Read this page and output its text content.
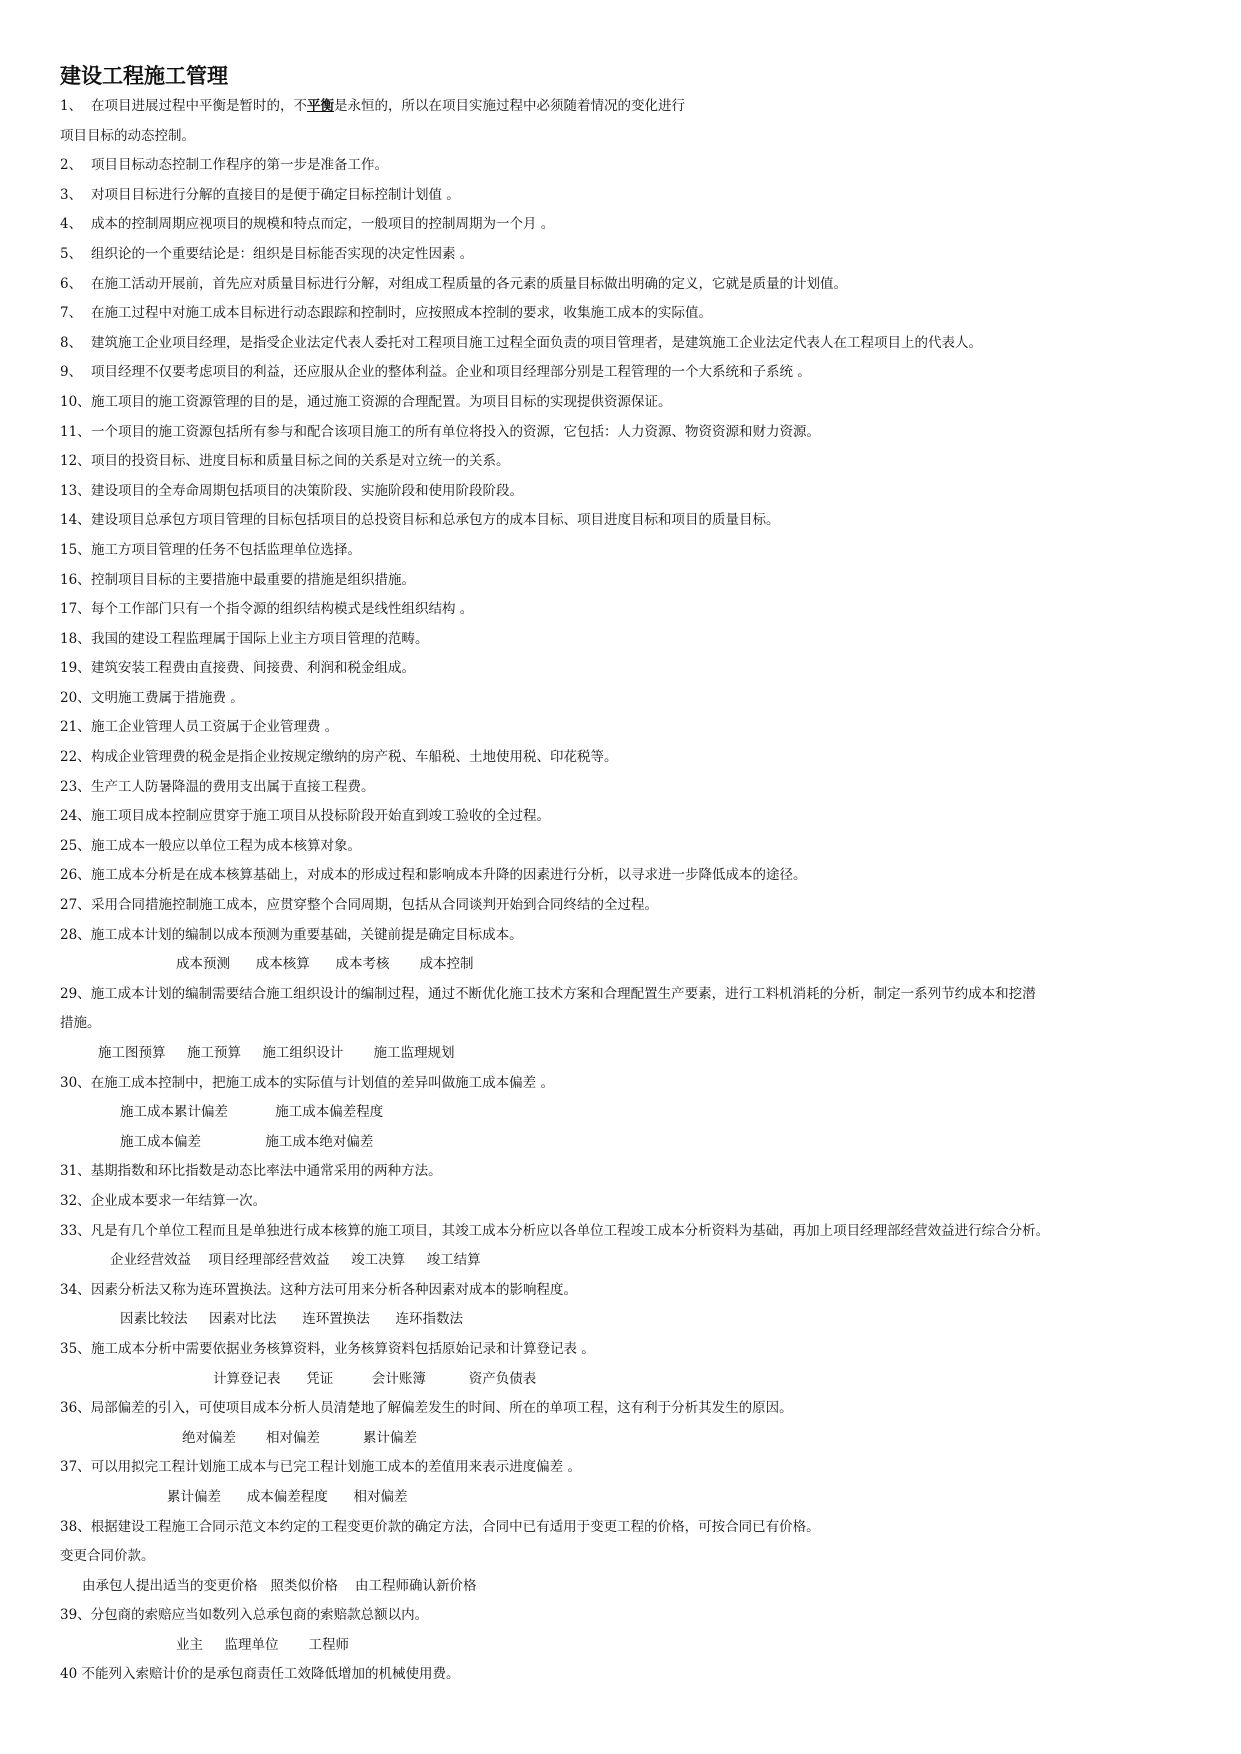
建设工程施工管理
1、 在项目进展过程中平衡是暂时的，不平衡是永恒的，所以在项目实施过程中必须随着情况的变化进行
项目目标的动态控制。
2、 项目目标动态控制工作程序的第一步是准备工作。
3、 对项目目标进行分解的直接目的是便于确定目标控制计划值 。
4、 成本的控制周期应视项目的规模和特点而定，一般项目的控制周期为一个月 。
5、 组织论的一个重要结论是：组织是目标能否实现的决定性因素 。
6、 在施工活动开展前，首先应对质量目标进行分解，对组成工程质量的各元素的质量目标做出明确的定义，它就是质量的计划值。
7、 在施工过程中对施工成本目标进行动态跟踪和控制时，应按照成本控制的要求，收集施工成本的实际值。
8、 建筑施工企业项目经理，是指受企业法定代表人委托对工程项目施工过程全面负责的项目管理者，是建筑施工企业法定代表人在工程项目上的代表人。
9、 项目经理不仅要考虑项目的利益，还应服从企业的整体利益。企业和项目经理部分别是工程管理的一个大系统和子系统 。
10、施工项目的施工资源管理的目的是，通过施工资源的合理配置。为项目目标的实现提供资源保证。
11、一个项目的施工资源包括所有参与和配合该项目施工的所有单位将投入的资源，它包括：人力资源、物资资源和财力资源。
12、项目的投资目标、进度目标和质量目标之间的关系是对立统一的关系。
13、建设项目的全寿命周期包括项目的决策阶段、实施阶段和使用阶段阶段。
14、建设项目总承包方项目管理的目标包括项目的总投资目标和总承包方的成本目标、项目进度目标和项目的质量目标。
15、施工方项目管理的任务不包括监理单位选择。
16、控制项目目标的主要措施中最重要的措施是组织措施。
17、每个工作部门只有一个指令源的组织结构模式是线性组织结构 。
18、我国的建设工程监理属于国际上业主方项目管理的范畴。
19、建筑安装工程费由直接费、间接费、利润和税金组成。
20、文明施工费属于措施费 。
21、施工企业管理人员工资属于企业管理费 。
22、构成企业管理费的税金是指企业按规定缴纳的房产税、车船税、土地使用税、印花税等。
23、生产工人防暑降温的费用支出属于直接工程费。
24、施工项目成本控制应贯穿于施工项目从投标阶段开始直到竣工验收的全过程。
25、施工成本一般应以单位工程为成本核算对象。
26、施工成本分析是在成本核算基础上，对成本的形成过程和影响成本升降的因素进行分析，以寻求进一步降低成本的途径。
27、采用合同措施控制施工成本，应贯穿整个合同周期，包括从合同谈判开始到合同终结的全过程。
28、施工成本计划的编制以成本预测为重要基础，关键前提是确定目标成本。
成本预测      成本核算      成本考核       成本控制
29、施工成本计划的编制需要结合施工组织设计的编制过程，通过不断优化施工技术方案和合理配置生产要素，进行工料机消耗的分析，制定一系列节约成本和挖潜
措施。
施工图预算     施工预算     施工组织设计       施工监理规划
30、在施工成本控制中，把施工成本的实际值与计划值的差异叫做施工成本偏差 。
施工成本累计偏差           施工成本偏差程度
施工成本偏差               施工成本绝对偏差
31、基期指数和环比指数是动态比率法中通常采用的两种方法。
32、企业成本要求一年结算一次。
33、凡是有几个单位工程而且是单独进行成本核算的施工项目，其竣工成本分析应以各单位工程竣工成本分析资料为基础，再加上项目经理部经营效益进行综合分析。
企业经营效益    项目经理部经营效益     竣工决算     竣工结算
34、因素分析法又称为连环置换法。这种方法可用来分析各种因素对成本的影响程度。
因素比较法     因素对比法      连环置换法      连环指数法
35、施工成本分析中需要依据业务核算资料，业务核算资料包括原始记录和计算登记表 。
计算登记表      凭证         会计账簿          资产负债表
36、局部偏差的引入，可使项目成本分析人员清楚地了解偏差发生的时间、所在的单项工程，这有利于分析其发生的原因。
绝对偏差       相对偏差          累计偏差
37、可以用拟完工程计划施工成本与已完工程计划施工成本的差值用来表示进度偏差 。
累计偏差      成本偏差程度      相对偏差
38、根据建设工程施工合同示范文本约定的工程变更价款的确定方法，合同中已有适用于变更工程的价格，可按合同已有价格。
变更合同价款。
由承包人提出适当的变更价格   照类似价格    由工程师确认新价格
39、分包商的索赔应当如数列入总承包商的索赔款总额以内。
业主     监理单位       工程师
40 不能列入索赔计价的是承包商责任工效降低增加的机械使用费。
